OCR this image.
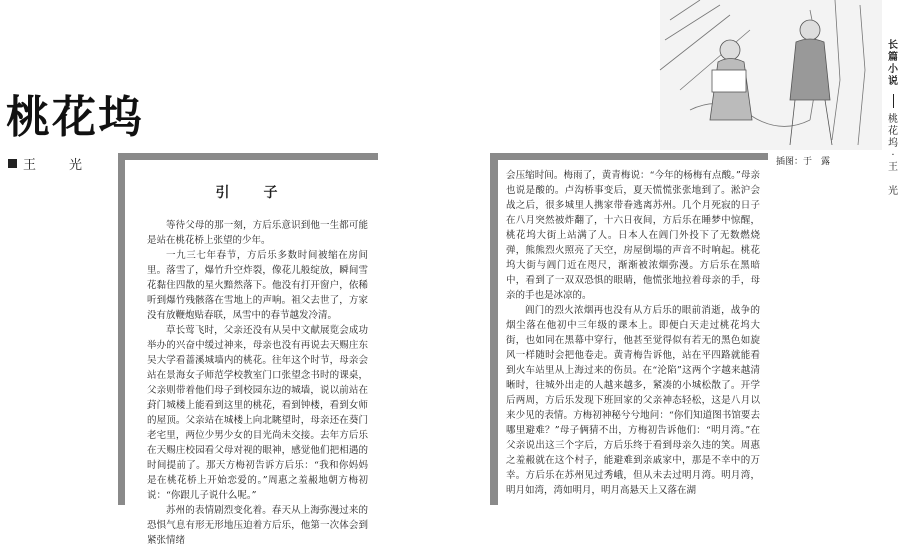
桃花坞
王　光
引　子

等待父母的那一刻，方后乐意识到他一生都可能是站在桃花桥上张望的少年。

一九三七年春节，方后乐多数时间被缩在房间里。落雪了，爆竹升空炸裂，像花儿般绽放，瞬间雪花黏住四散的星火黯然落下。他没有打开窗户，依稀听到爆竹残骸落在雪地上的声响。祖父去世了，方家没有放鞭炮贴春联，凤雪中的春节越发冷清。

草长莺飞时，父亲还没有从吴中文献展览会成功举办的兴奋中缓过神来，母亲也没有再说去天赐庄东吴大学看蔷溪城墙内的桃花。往年这个时节，母亲会站在景海女子师范学校教室门口张望念书时的课桌，父亲则带着他们母子到校园东边的城墙，说以前站在葑门城楼上能看到这里的桃花，看到钟楼，看到女师的屋顶。父亲站在城楼上向北眺望时，母亲还在葵门老宅里，两位少男少女的目光尚未交接。去年方后乐在天赐庄校园看父母对视的眼神，感觉他们把相遇的时间提前了。那天方梅初告诉方后乐：“我和你妈妈是在桃花桥上开始恋爱的。”周惠之羞赧地朝方梅初说：“你跟儿子说什么呢。”

苏州的表情剧烈变化着。春天从上海弥漫过来的恐惧气息有形无形地压迫着方后乐，他第一次体会到紧张情绪

会压缩时间。梅雨了，黄青梅说：“今年的杨梅有点酸。”母亲也说是酸的。卢沟桥事变后，夏天慌慌张张地到了。淞沪会战之后，很多城里人携家带眷逃离苏州。几个月死寂的日子在八月突然被炸翻了，十六日夜间，方后乐在睡梦中惊醒，桃花坞大街上站满了人。日本人在阊门外投下了无数燃烧弹，熊熊烈火照亮了天空，房屋倒塌的声音不时响起。桃花坞大街与阊门近在咫尺，渐渐被浓烟弥漫。方后乐在黑暗中，看到了一双双恐惧的眼睛，他慌张地拉着母亲的手，母亲的手也是冰凉的。

阊门的烈火浓烟再也没有从方后乐的眼前消逝，战争的烟尘落在他初中三年级的课本上。即便白天走过桃花坞大街，也如同在黑幕中穿行，他甚至觉得似有若无的黑色如旋风一样随时会把他卷走。黄青梅告诉他，站在平四路就能看到火车站里从上海过来的伤员。在“沦陷”这两个字越来越清晰时，往城外出走的人越来越多，紧凑的小城松散了。开学后两周，方后乐发现下班回家的父亲神态轻松，这是八月以来少见的表情。方梅初神秘兮兮地问：“你们知道图书馆要去哪里避难？”母子俩猜不出，方梅初告诉他们：“明月湾。”在父亲说出这三个字后，方后乐终于看到母亲久违的笑。周惠之羞赧就在这个村子，能避难到亲戚家中，那是不幸中的万幸。方后乐在苏州见过秀峨，但从未去过明月湾。明月湾，明月如湾，湾如明月，明月高悬天上又落在湖

插图：于　露
长
篇
小
说
桃
花
坞
·
王

光
